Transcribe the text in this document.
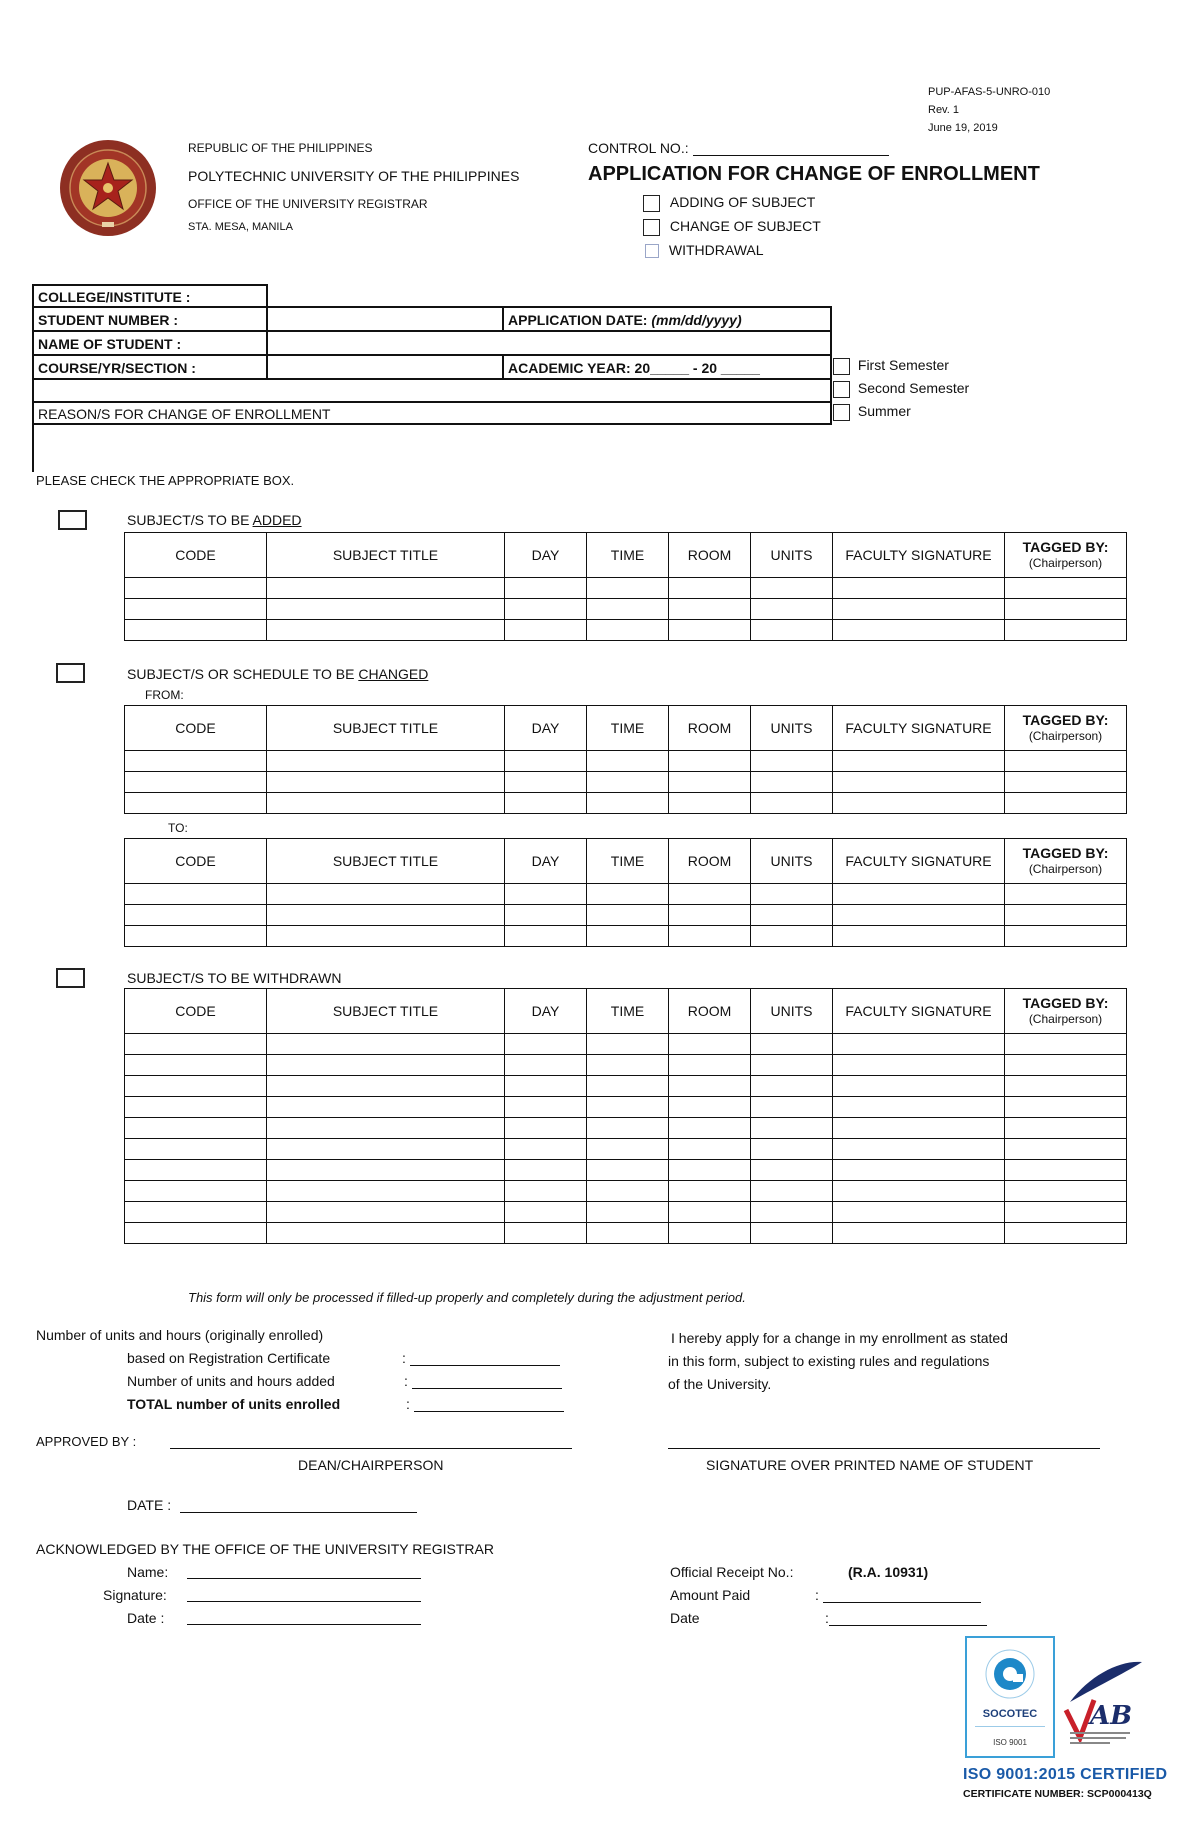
PUP-AFAS-5-UNRO-010
Rev. 1
June 19, 2019
REPUBLIC OF THE PHILIPPINES
POLYTECHNIC UNIVERSITY OF THE PHILIPPINES
OFFICE OF THE UNIVERSITY REGISTRAR
STA. MESA, MANILA
CONTROL NO.:
APPLICATION FOR CHANGE OF ENROLLMENT
ADDING OF SUBJECT
CHANGE OF SUBJECT
WITHDRAWAL
COLLEGE/INSTITUTE :
STUDENT NUMBER :	APPLICATION DATE: (mm/dd/yyyy)
NAME OF STUDENT :
COURSE/YR/SECTION :	ACADEMIC YEAR: 20_____ - 20 _____
REASON/S FOR CHANGE OF ENROLLMENT
First Semester
Second Semester
Summer
PLEASE CHECK THE APPROPRIATE BOX.
SUBJECT/S TO BE ADDED
CODE	SUBJECT TITLE	DAY	TIME	ROOM	UNITS	FACULTY SIGNATURE	TAGGED BY:
(Chairperson)

SUBJECT/S OR SCHEDULE TO BE CHANGED
FROM:
CODE	SUBJECT TITLE	DAY	TIME	ROOM	UNITS	FACULTY SIGNATURE	TAGGED BY:
(Chairperson)

TO:
CODE	SUBJECT TITLE	DAY	TIME	ROOM	UNITS	FACULTY SIGNATURE	TAGGED BY:
(Chairperson)

SUBJECT/S TO BE WITHDRAWN
CODE	SUBJECT TITLE	DAY	TIME	ROOM	UNITS	FACULTY SIGNATURE	TAGGED BY:
(Chairperson)

This form will only be processed if filled-up properly and completely during the adjustment period.
Number of units and hours (originally enrolled)
based on Registration Certificate	:
Number of units and hours added	:
TOTAL number of units enrolled	:
I hereby apply for a change in my enrollment as stated
in this form, subject to existing rules and regulations
of the University.
APPROVED BY :
DEAN/CHAIRPERSON	SIGNATURE OVER PRINTED NAME OF STUDENT
DATE :
ACKNOWLEDGED BY THE OFFICE OF THE UNIVERSITY REGISTRAR
Name:
Signature:
Date :
Official Receipt No.:	(R.A. 10931)
Amount Paid	:
Date	:
SOCOTEC
ISO 9001
AB
ISO 9001:2015 CERTIFIED
CERTIFICATE NUMBER: SCP000413Q
